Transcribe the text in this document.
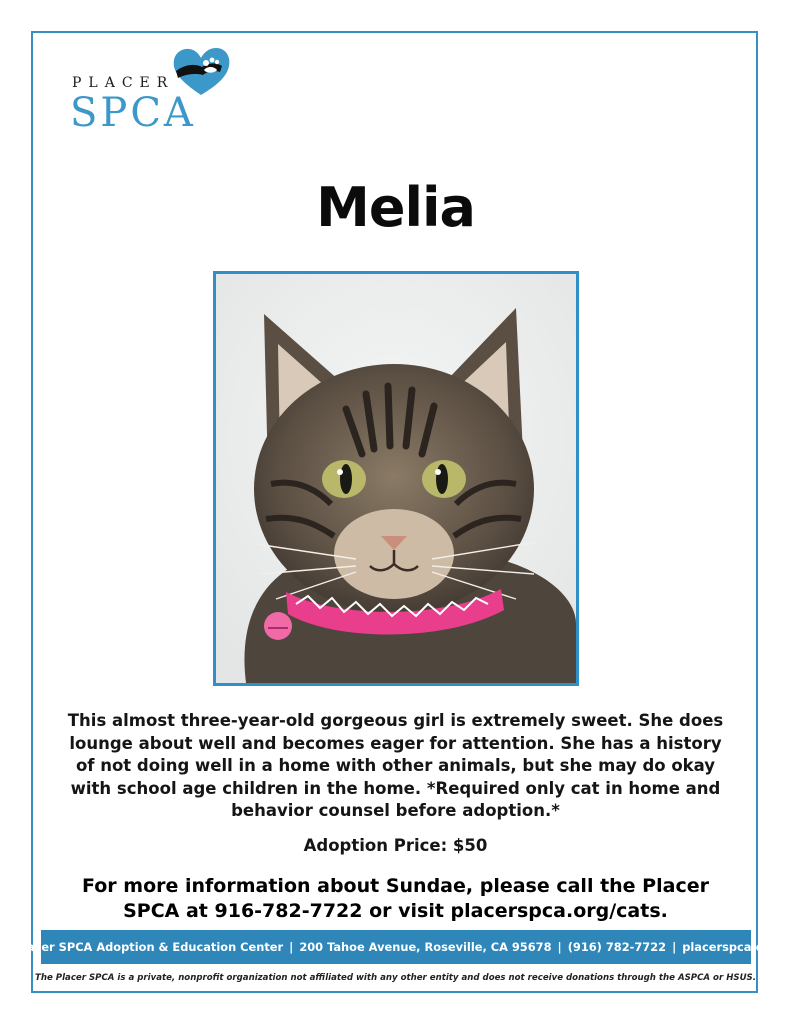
PLACER
SPCA
Melia

This almost three-year-old gorgeous girl is extremely sweet. She does lounge about well and becomes eager for attention. She has a history of not doing well in a home with other animals, but she may do okay with school age children in the home. *Required only cat in home and behavior counsel before adoption.*

Adoption Price: $50

For more information about Sundae, please call the Placer SPCA at 916-782-7722 or visit placerspca.org/cats.

Placer SPCA Adoption & Education Center | 200 Tahoe Avenue, Roseville, CA 95678 | (916) 782-7722 | placerspca.org

The Placer SPCA is a private, nonprofit organization not affiliated with any other entity and does not receive donations through the ASPCA or HSUS.
